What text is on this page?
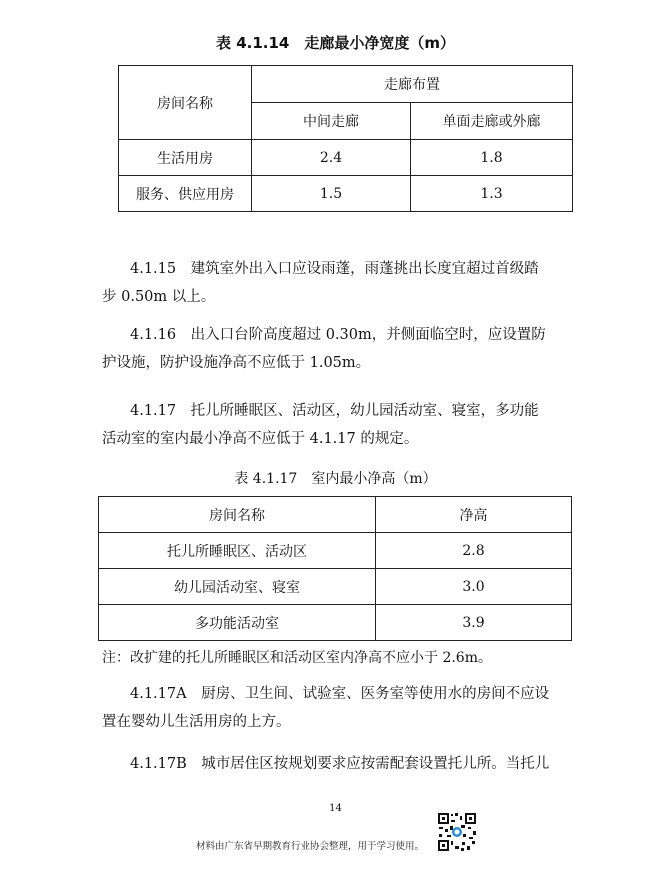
表 4.1.14　走廊最小净宽度（m）
房间名称	走廊布置	
	中间走廊	单面走廊或外廊
生活用房	2.4	1.8
服务、供应用房	1.5	1.3
4.1.15　建筑室外出入口应设雨蓬，雨蓬挑出长度宜超过首级踏
步 0.50m 以上。
4.1.16　出入口台阶高度超过 0.30m，并侧面临空时，应设置防
护设施，防护设施净高不应低于 1.05m。
4.1.17　托儿所睡眠区、活动区，幼儿园活动室、寝室，多功能
活动室的室内最小净高不应低于 4.1.17 的规定。
表 4.1.17　室内最小净高（m）
房间名称	净高
托儿所睡眠区、活动区	2.8
幼儿园活动室、寝室	3.0
多功能活动室	3.9
注：改扩建的托儿所睡眠区和活动区室内净高不应小于 2.6m。
4.1.17A　厨房、卫生间、试验室、医务室等使用水的房间不应设
置在婴幼儿生活用房的上方。
4.1.17B　城市居住区按规划要求应按需配套设置托儿所。当托儿
14
材料由广东省早期教育行业协会整理，用于学习使用。
